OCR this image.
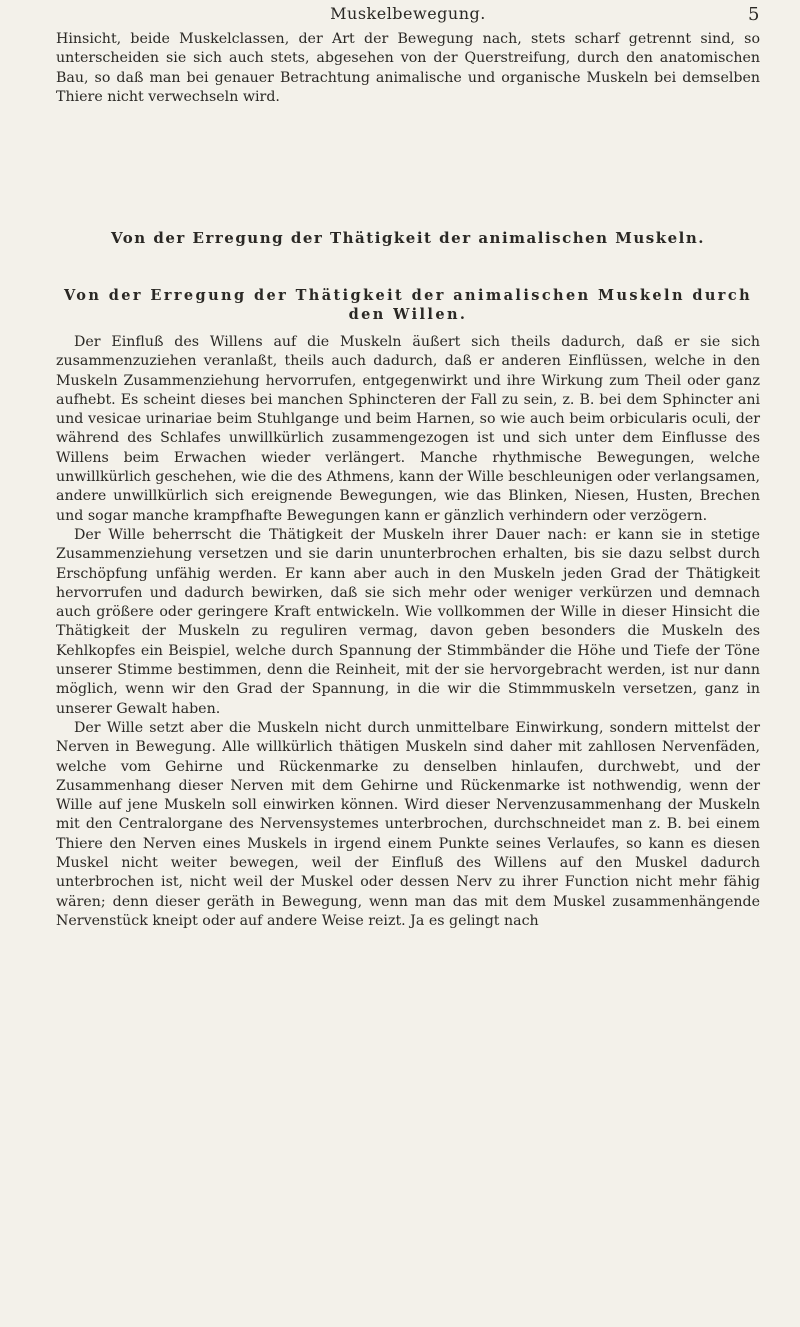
Muskelbewegung.	5

Hinsicht, beide Muskelclassen, der Art der Bewegung nach, stets scharf getrennt sind, so unterscheiden sie sich auch stets, abgesehen von der Querstreifung, durch den anatomischen Bau, so daß man bei genauer Betrachtung animalische und organische Muskeln bei demselben Thiere nicht verwechseln wird.

Von der Erregung der Thätigkeit der animalischen Muskeln.
Von der Erregung der Thätigkeit der animalischen Muskeln durch den Willen.

Der Einfluß des Willens auf die Muskeln äußert sich theils dadurch, daß er sie sich zusammenzuziehen veranlaßt, theils auch dadurch, daß er anderen Einflüssen, welche in den Muskeln Zusammenziehung hervorrufen, entgegenwirkt und ihre Wirkung zum Theil oder ganz aufhebt. Es scheint dieses bei manchen Sphincteren der Fall zu sein, z. B. bei dem Sphincter ani und vesicae urinariae beim Stuhlgange und beim Harnen, so wie auch beim orbicularis oculi, der während des Schlafes unwillkürlich zusammengezogen ist und sich unter dem Einflusse des Willens beim Erwachen wieder verlängert. Manche rhythmische Bewegungen, welche unwillkürlich geschehen, wie die des Athmens, kann der Wille beschleunigen oder verlangsamen, andere unwillkürlich sich ereignende Bewegungen, wie das Blinken, Niesen, Husten, Brechen und sogar manche krampfhafte Bewegungen kann er gänzlich verhindern oder verzögern.

Der Wille beherrscht die Thätigkeit der Muskeln ihrer Dauer nach: er kann sie in stetige Zusammenziehung versetzen und sie darin ununterbrochen erhalten, bis sie dazu selbst durch Erschöpfung unfähig werden. Er kann aber auch in den Muskeln jeden Grad der Thätigkeit hervorrufen und dadurch bewirken, daß sie sich mehr oder weniger verkürzen und demnach auch größere oder geringere Kraft entwickeln. Wie vollkommen der Wille in dieser Hinsicht die Thätigkeit der Muskeln zu reguliren vermag, davon geben besonders die Muskeln des Kehlkopfes ein Beispiel, welche durch Spannung der Stimmbänder die Höhe und Tiefe der Töne unserer Stimme bestimmen, denn die Reinheit, mit der sie hervorgebracht werden, ist nur dann möglich, wenn wir den Grad der Spannung, in die wir die Stimmmuskeln versetzen, ganz in unserer Gewalt haben.

Der Wille setzt aber die Muskeln nicht durch unmittelbare Einwirkung, sondern mittelst der Nerven in Bewegung. Alle willkürlich thätigen Muskeln sind daher mit zahllosen Nervenfäden, welche vom Gehirne und Rückenmarke zu denselben hinlaufen, durchwebt, und der Zusammenhang dieser Nerven mit dem Gehirne und Rückenmarke ist nothwendig, wenn der Wille auf jene Muskeln soll einwirken können. Wird dieser Nervenzusammenhang der Muskeln mit den Centralorgane des Nervensystemes unterbrochen, durchschneidet man z. B. bei einem Thiere den Nerven eines Muskels in irgend einem Punkte seines Verlaufes, so kann es diesen Muskel nicht weiter bewegen, weil der Einfluß des Willens auf den Muskel dadurch unterbrochen ist, nicht weil der Muskel oder dessen Nerv zu ihrer Function nicht mehr fähig wären; denn dieser geräth in Bewegung, wenn man das mit dem Muskel zusammenhängende Nervenstück kneipt oder auf andere Weise reizt. Ja es gelingt nach
